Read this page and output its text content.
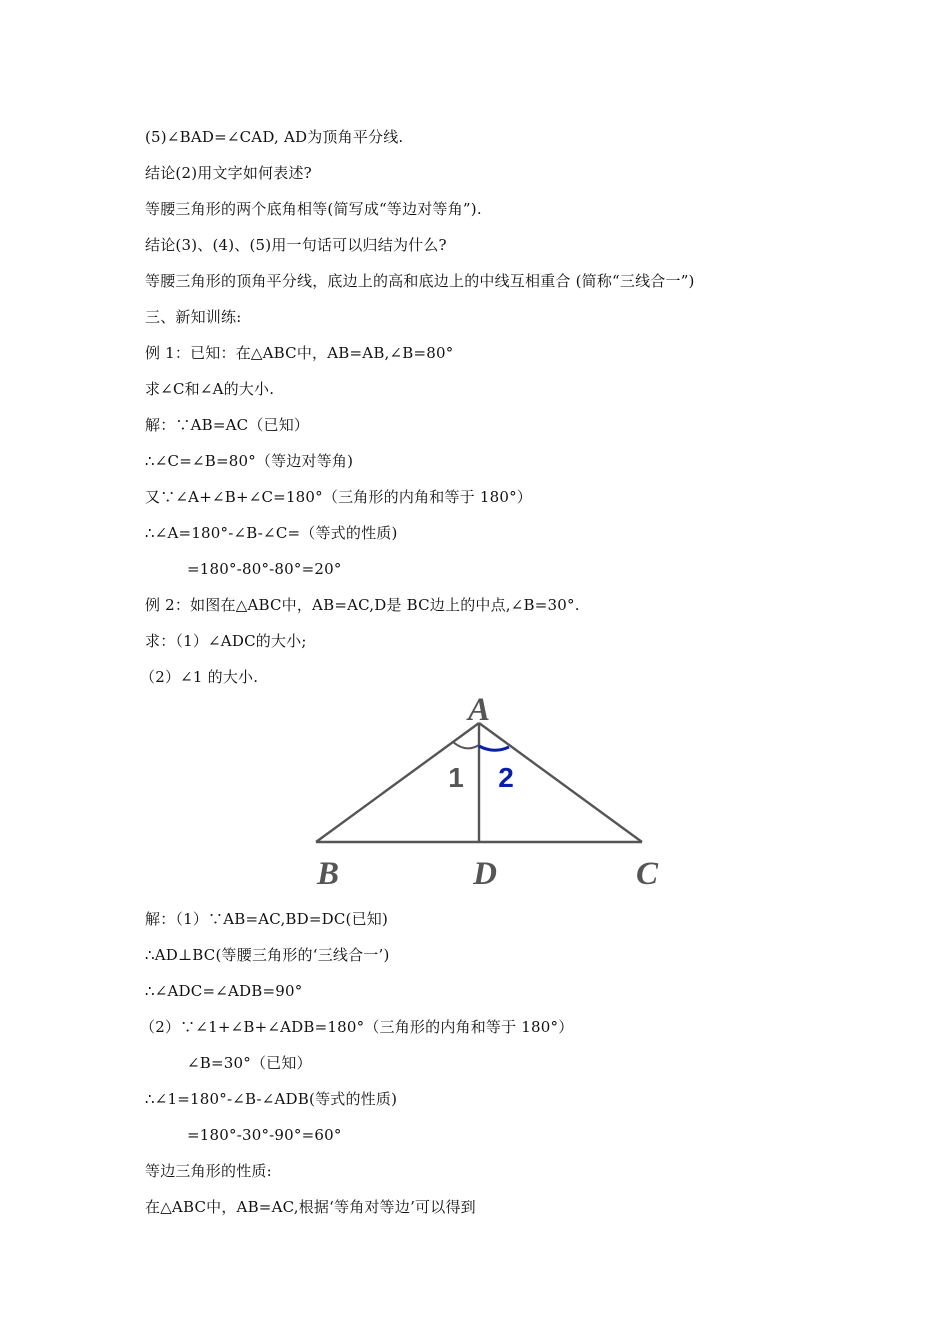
(5)∠BAD=∠CAD, AD为顶角平分线.
结论(2)用文字如何表述?
等腰三角形的两个底角相等(简写成“等边对等角”).
结论(3)、(4)、(5)用一句话可以归结为什么?
等腰三角形的顶角平分线，底边上的高和底边上的中线互相重合 (简称“三线合一”)
三、新知训练:
例 1：已知：在△ABC中，AB=AB,∠B=80°
求∠C和∠A的大小.
解：∵AB=AC（已知）
∴∠C=∠B=80°（等边对等角)
又∵∠A+∠B+∠C=180°（三角形的内角和等于 180°）
∴∠A=180°-∠B-∠C=（等式的性质)
=180°-80°-80°=20°
例 2：如图在△ABC中，AB=AC,D是 BC边上的中点,∠B=30°.
求：（1）∠ADC的大小;
（2）∠1 的大小.
A
B	D	C
1 2
解：（1）∵AB=AC,BD=DC(已知)
∴AD⊥BC(等腰三角形的‘三线合一’)
∴∠ADC=∠ADB=90°
（2）∵∠1+∠B+∠ADB=180°（三角形的内角和等于 180°）
∠B=30°（已知）
∴∠1=180°-∠B-∠ADB(等式的性质)
=180°-30°-90°=60°
等边三角形的性质:
在△ABC中，AB=AC,根据‘等角对等边’可以得到
